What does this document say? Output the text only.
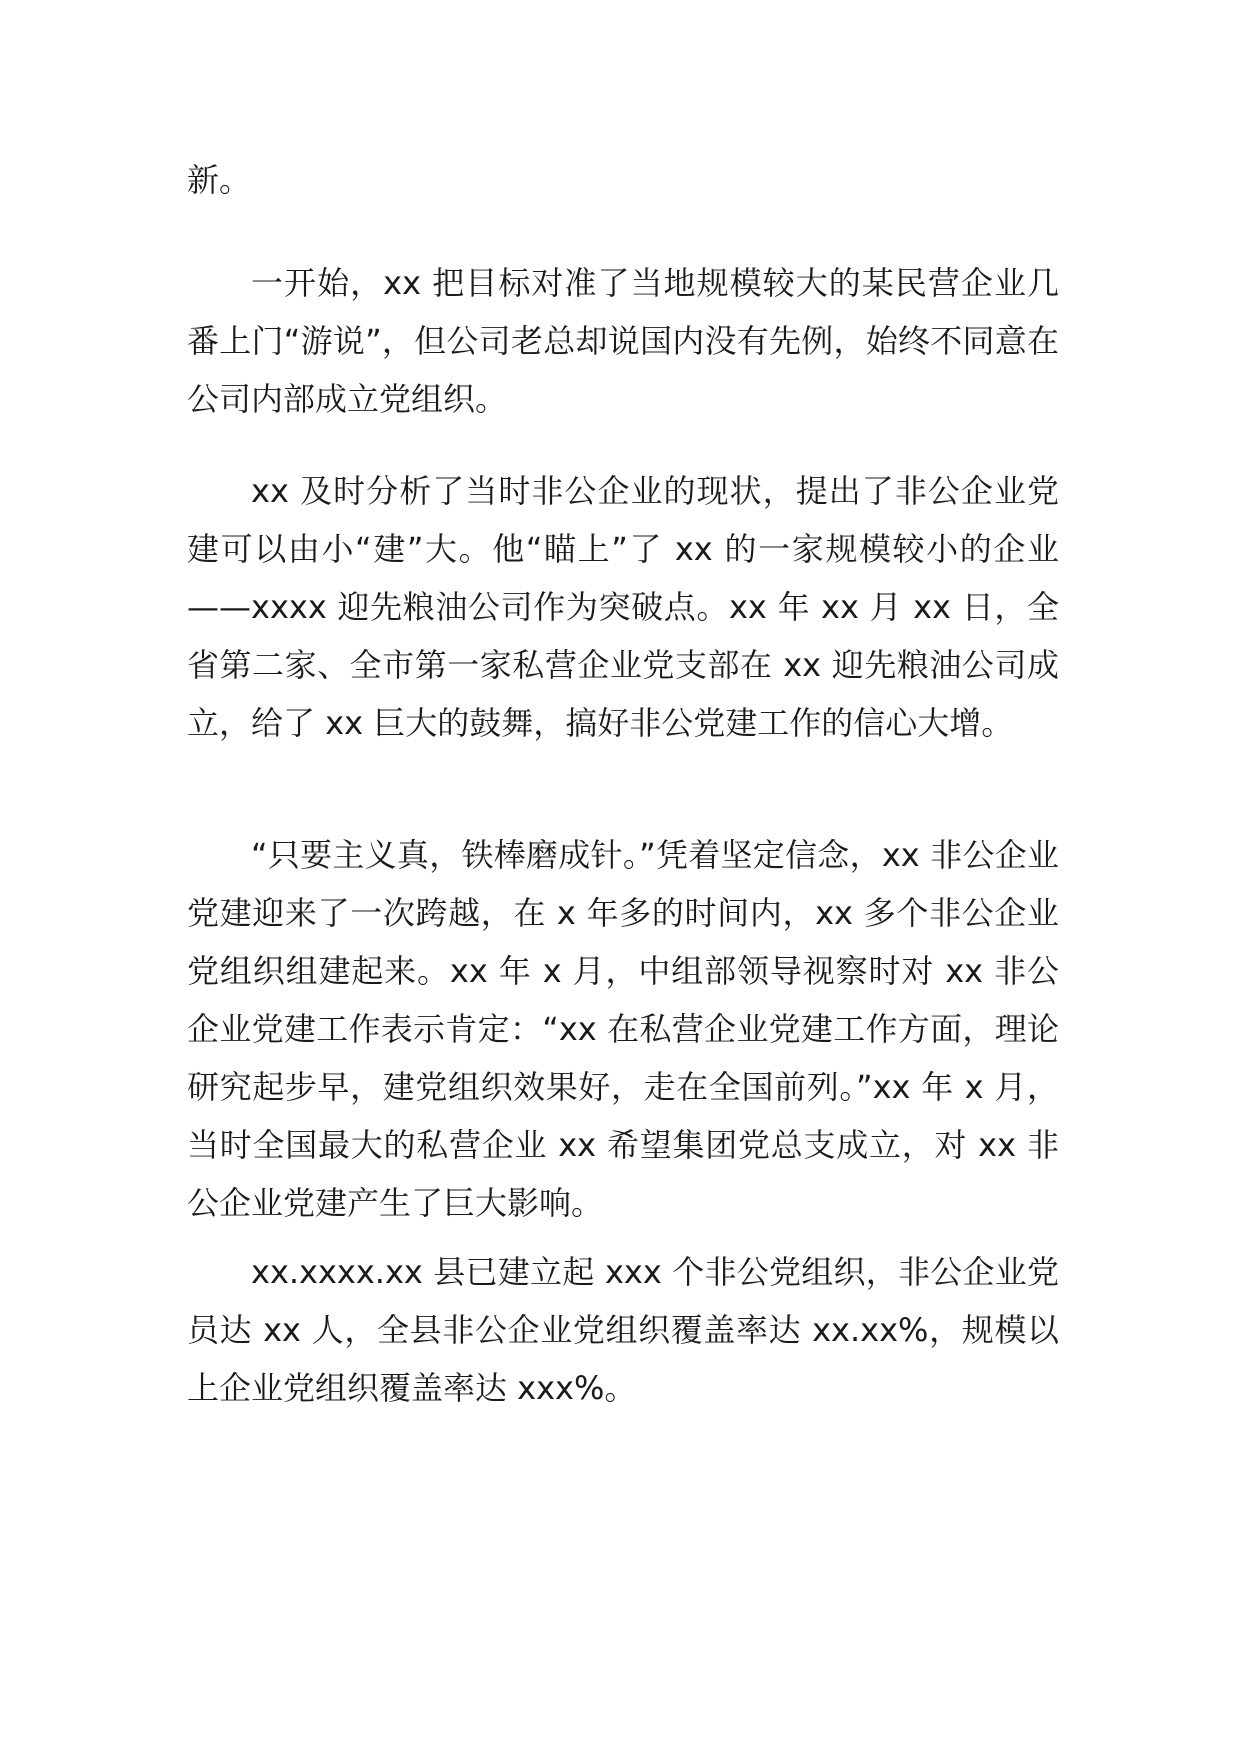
新。

一开始，xx 把目标对准了当地规模较大的某民营企业几番上门“游说”，但公司老总却说国内没有先例，始终不同意在公司内部成立党组织。

xx 及时分析了当时非公企业的现状，提出了非公企业党建可以由小“建”大。他“瞄上”了 xx 的一家规模较小的企业——xxxx 迎先粮油公司作为突破点。xx 年 xx 月 xx 日，全省第二家、全市第一家私营企业党支部在 xx 迎先粮油公司成立，给了 xx 巨大的鼓舞，搞好非公党建工作的信心大增。

“只要主义真，铁棒磨成针。”凭着坚定信念，xx 非公企业党建迎来了一次跨越，在 x 年多的时间内，xx 多个非公企业党组织组建起来。xx 年 x 月，中组部领导视察时对 xx 非公企业党建工作表示肯定：“xx 在私营企业党建工作方面，理论研究起步早，建党组织效果好，走在全国前列。”xx 年 x 月，当时全国最大的私营企业 xx 希望集团党总支成立，对 xx 非公企业党建产生了巨大影响。

xx.xxxx.xx 县已建立起 xxx 个非公党组织，非公企业党员达 xx 人，全县非公企业党组织覆盖率达 xx.xx%，规模以上企业党组织覆盖率达 xxx%。
